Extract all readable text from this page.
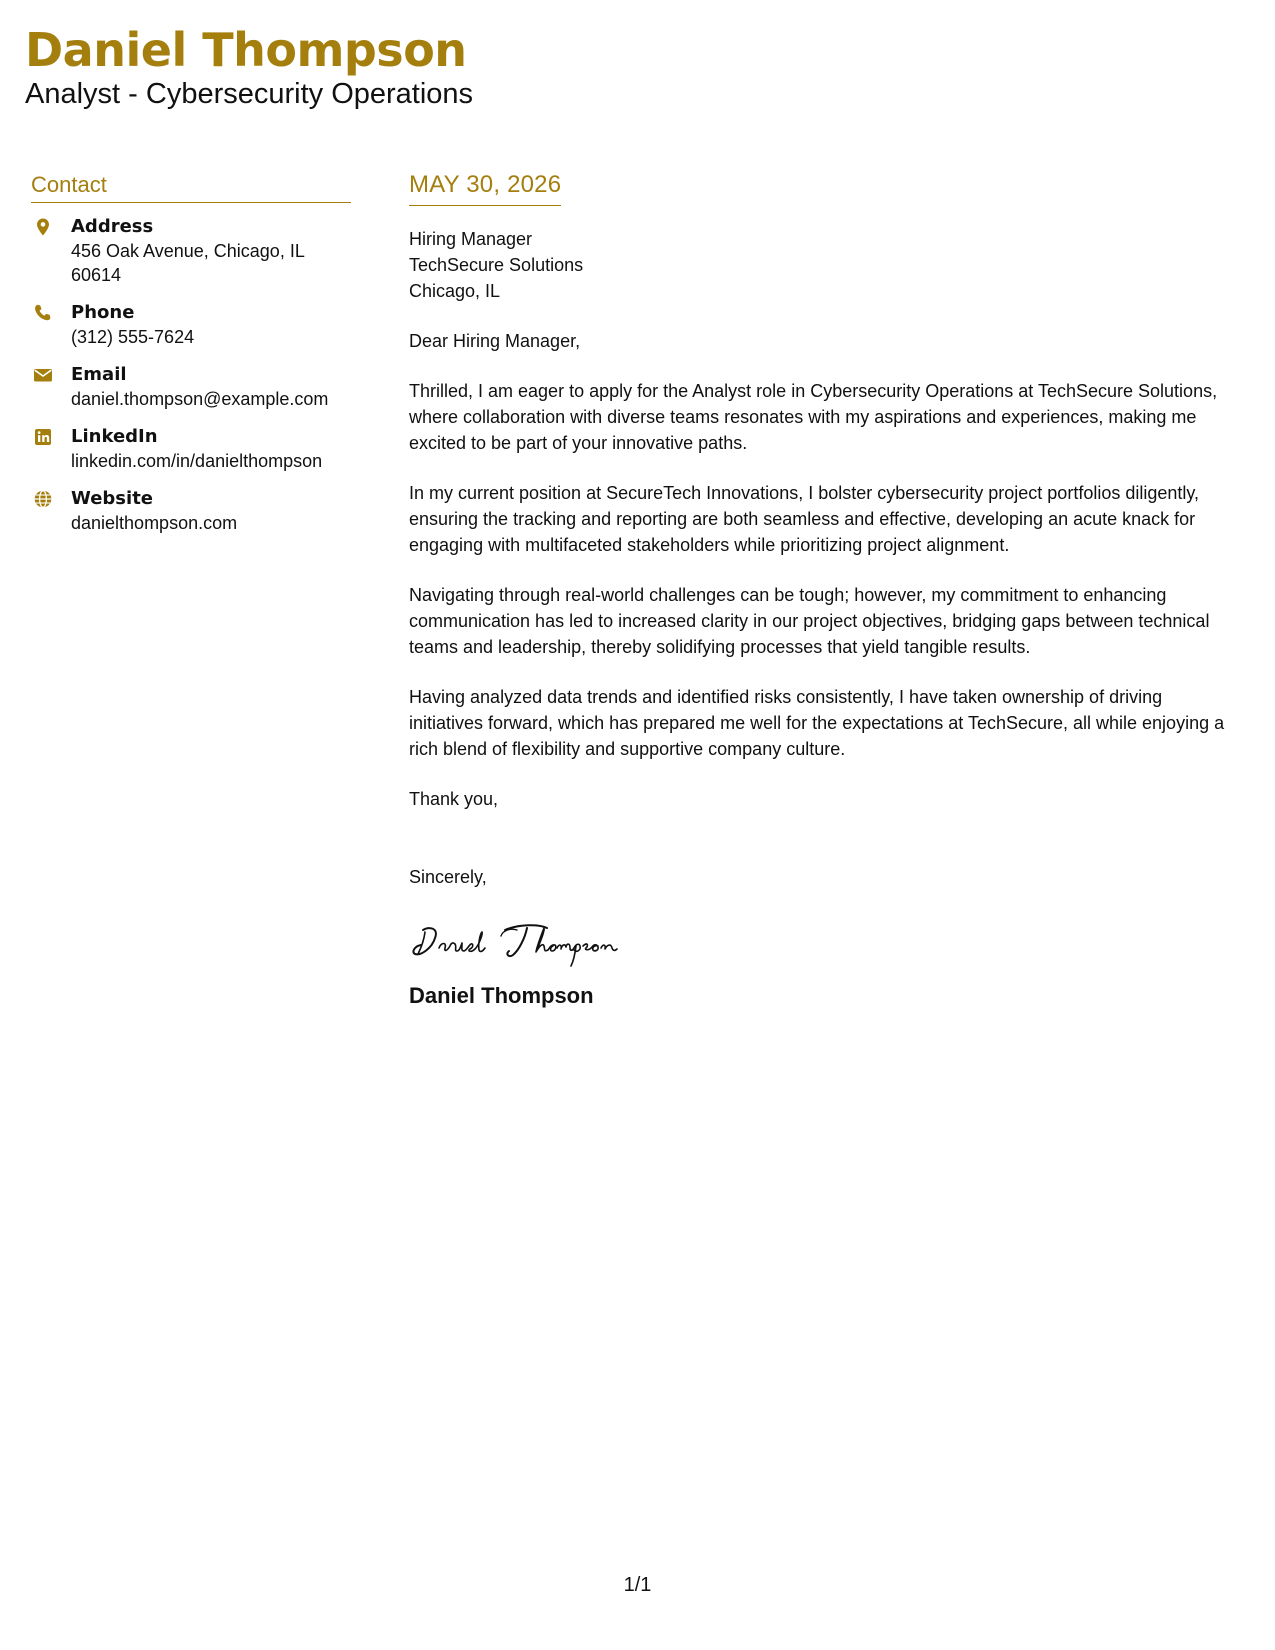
Daniel Thompson
Analyst - Cybersecurity Operations
Contact
Address
456 Oak Avenue, Chicago, IL
60614
Phone
(312) 555-7624
Email
daniel.thompson@example.com
LinkedIn
linkedin.com/in/danielthompson
Website
danielthompson.com
MAY 30, 2026
Hiring Manager
TechSecure Solutions
Chicago, IL
Dear Hiring Manager,
Thrilled, I am eager to apply for the Analyst role in Cybersecurity Operations at TechSecure Solutions, where collaboration with diverse teams resonates with my aspirations and experiences, making me excited to be part of your innovative paths.
In my current position at SecureTech Innovations, I bolster cybersecurity project portfolios diligently, ensuring the tracking and reporting are both seamless and effective, developing an acute knack for engaging with multifaceted stakeholders while prioritizing project alignment.
Navigating through real-world challenges can be tough; however, my commitment to enhancing communication has led to increased clarity in our project objectives, bridging gaps between technical teams and leadership, thereby solidifying processes that yield tangible results.
Having analyzed data trends and identified risks consistently, I have taken ownership of driving initiatives forward, which has prepared me well for the expectations at TechSecure, all while enjoying a rich blend of flexibility and supportive company culture.
Thank you,
Sincerely,
Daniel Thompson
1/1
